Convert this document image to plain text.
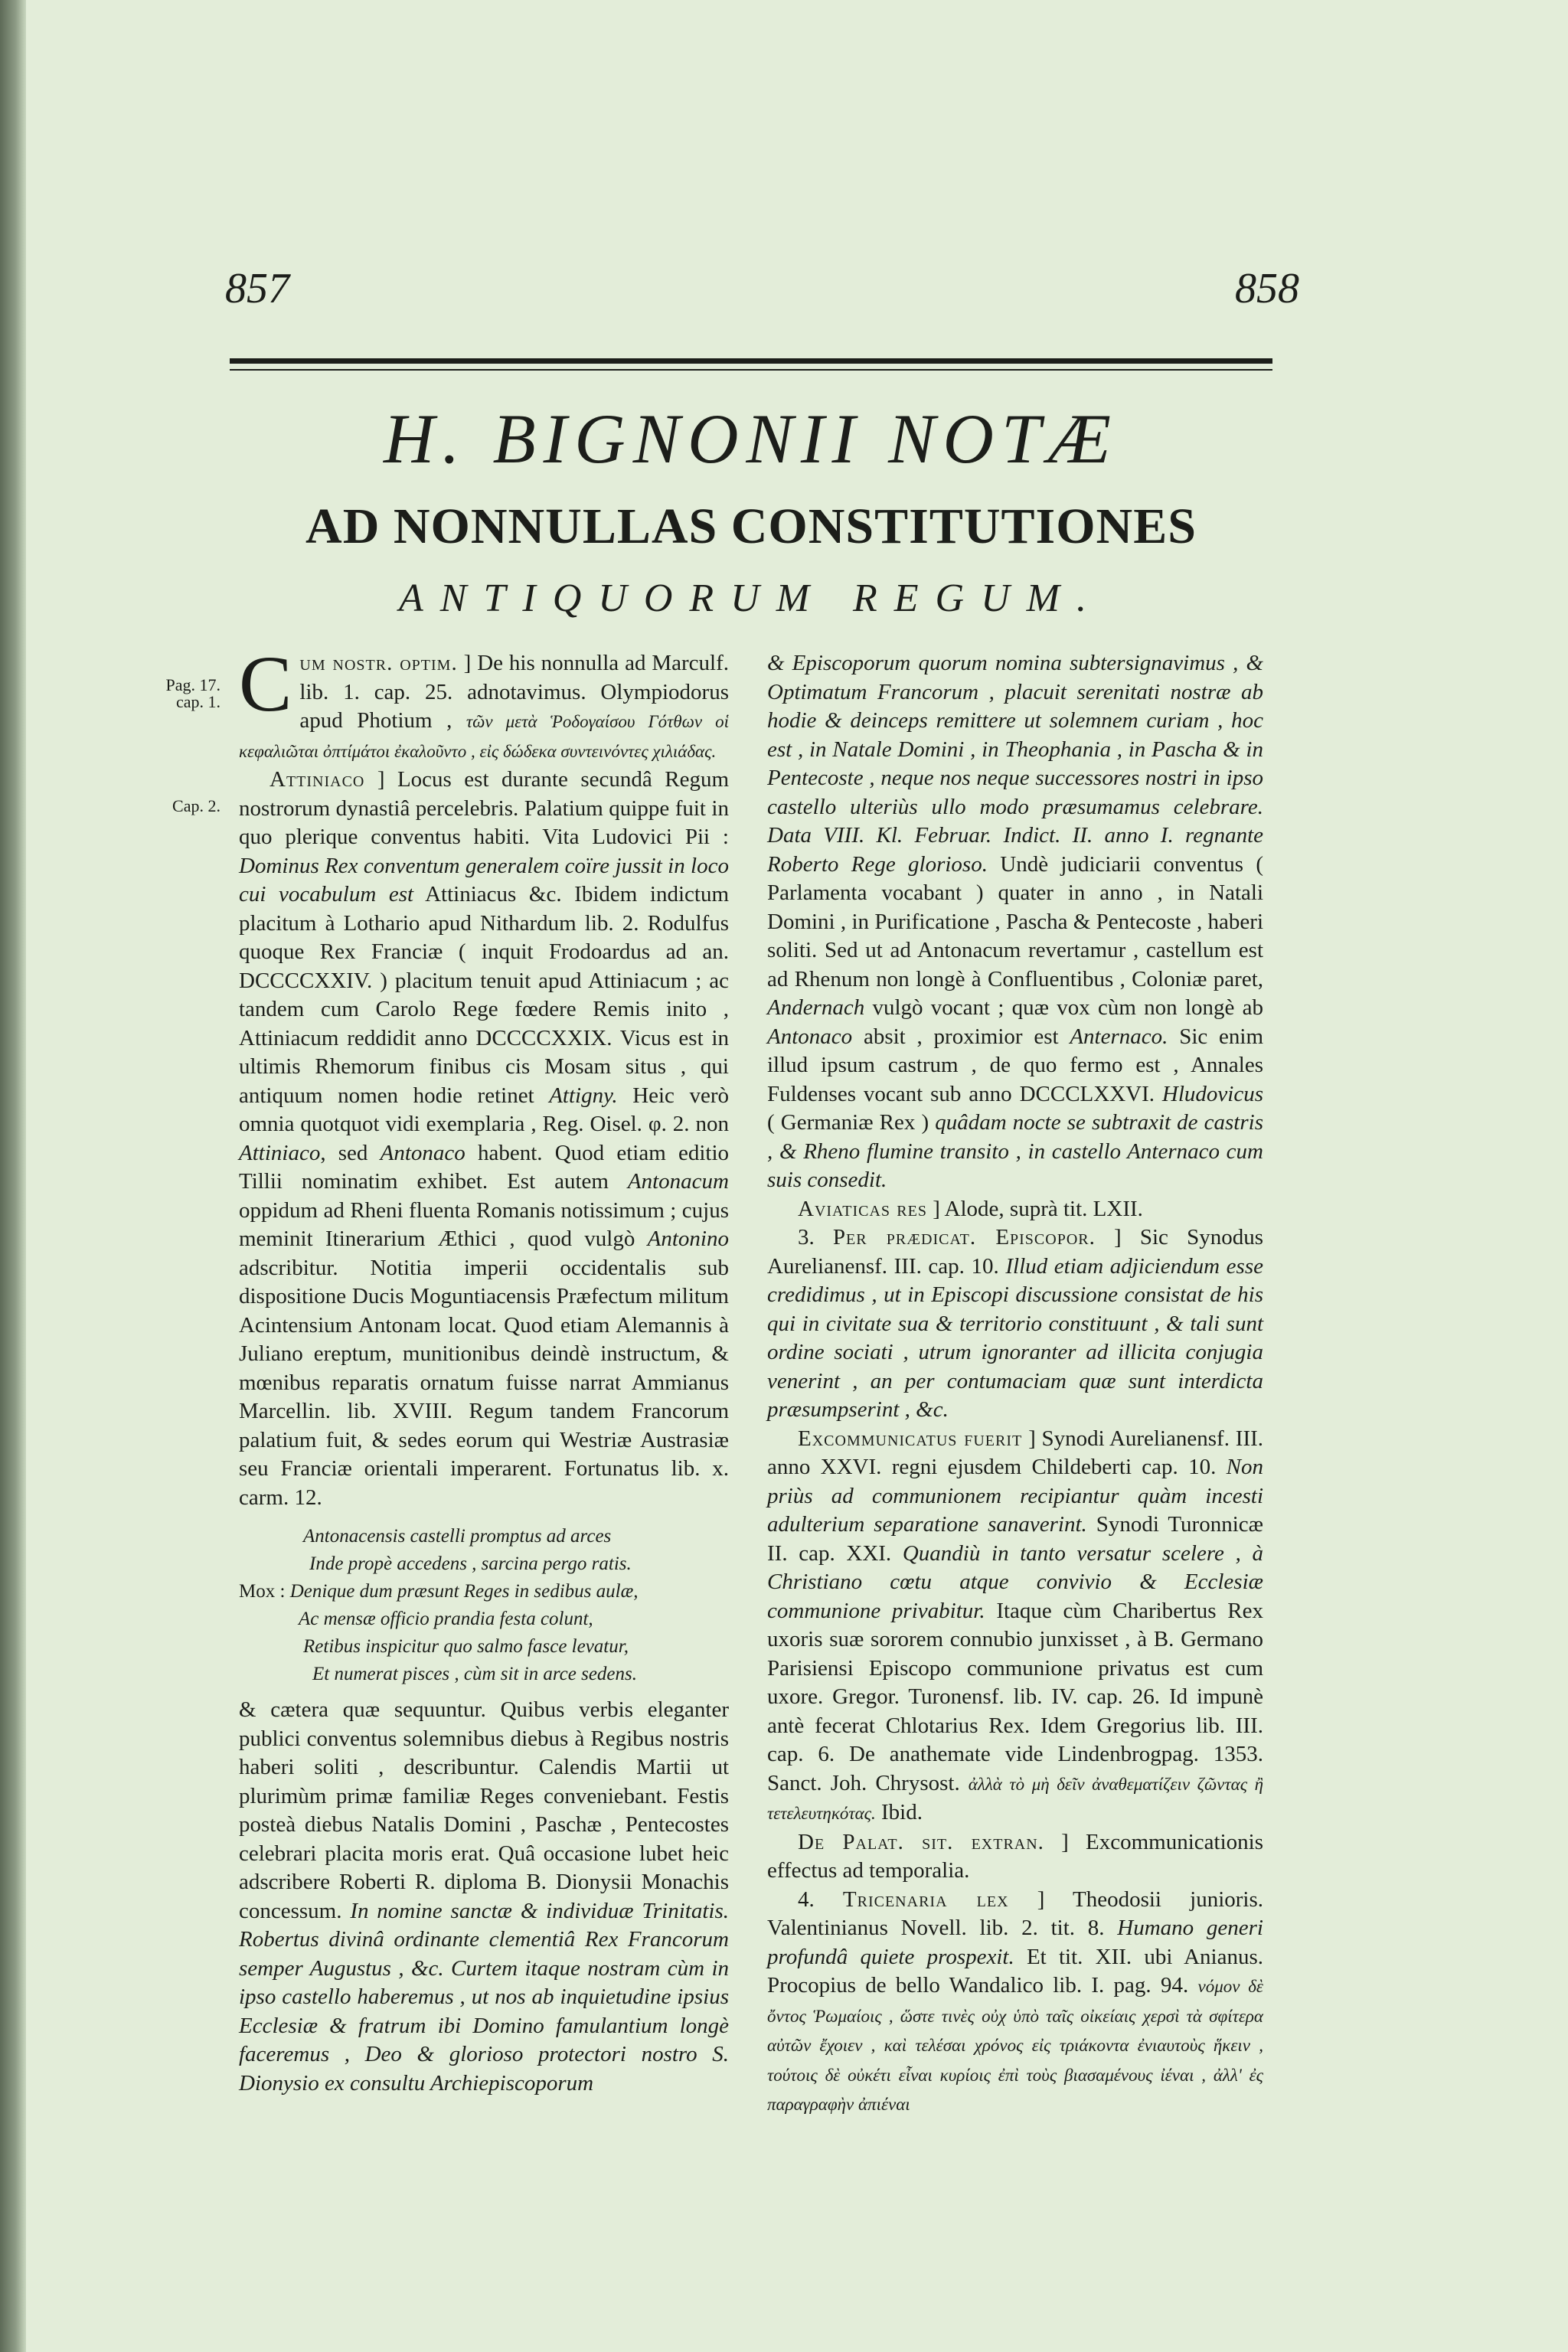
857	858
H. BIGNONII NOTÆ
AD NONNULLAS CONSTITUTIONES
ANTIQUORUM REGUM.
Pag. 17. cap. 1.
Cap. 2.

Cum nostr. optim. ] De his nonnulla ad Marculf. lib. 1. cap. 25. adnotavimus. Olympiodorus apud Photium , τῶν μετὰ Ῥοδογαίσου Γότθων οἱ κεφαλιῶται ὀπτίμάτοι ἐκαλοῦντο , εἰς δώδεκα συντεινόντες χιλιάδας.

Attiniaco ] Locus est durante secundâ Regum nostrorum dynastiâ percelebris. Palatium quippe fuit in quo plerique conventus habiti. Vita Ludovici Pii : Dominus Rex conventum generalem coïre jussit in loco cui vocabulum est Attiniacus &c. Ibidem indictum placitum à Lothario apud Nithardum lib. 2. Rodulfus quoque Rex Franciæ ( inquit Frodoardus ad an. DCCCCXXIV. ) placitum tenuit apud Attiniacum ; ac tandem cum Carolo Rege fœdere Remis inito , Attiniacum reddidit anno DCCCCXXIX. Vicus est in ultimis Rhemorum finibus cis Mosam situs , qui antiquum nomen hodie retinet Attigny. Heic verò omnia quotquot vidi exemplaria , Reg. Oisel. φ. 2. non Attiniaco, sed Antonaco habent. Quod etiam editio Tillii nominatim exhibet. Est autem Antonacum oppidum ad Rheni fluenta Romanis notissimum ; cujus meminit Itinerarium Æthici , quod vulgò Antonino adscribitur. Notitia imperii occidentalis sub dispositione Ducis Moguntiacensis Præfectum militum Acintensium Antonam locat. Quod etiam Alemannis à Juliano ereptum, munitionibus deindè instructum, & mœnibus reparatis ornatum fuisse narrat Ammianus Marcellin. lib. XVIII. Regum tandem Francorum palatium fuit, & sedes eorum qui Westriæ Austrasiæ seu Franciæ orientali imperarent. Fortunatus lib. x. carm. 12.

Antonacensis castelli promptus ad arces
Inde propè accedens , sarcina pergo ratis.
Mox : Denique dum præsunt Reges in sedibus aulæ,
Ac mensæ officio prandia festa colunt,
Retibus inspicitur quo salmo fasce levatur,
Et numerat pisces , cùm sit in arce sedens.

& cætera quæ sequuntur. Quibus verbis eleganter publici conventus solemnibus diebus à Regibus nostris haberi soliti , describuntur. Calendis Martii ut plurimùm primæ familiæ Reges conveniebant. Festis posteà diebus Natalis Domini , Paschæ , Pentecostes celebrari placita moris erat. Quâ occasione lubet heic adscribere Roberti R. diploma B. Dionysii Monachis concessum. In nomine sanctæ & individuæ Trinitatis. Robertus divinâ ordinante clementiâ Rex Francorum semper Augustus , &c. Curtem itaque nostram cùm in ipso castello haberemus , ut nos ab inquietudine ipsius Ecclesiæ & fratrum ibi Domino famulantium longè faceremus , Deo & glorioso protectori nostro S. Dionysio ex consultu Archiepiscoporum

& Episcoporum quorum nomina subtersignavimus , & Optimatum Francorum , placuit serenitati nostræ ab hodie & deinceps remittere ut solemnem curiam , hoc est , in Natale Domini , in Theophania , in Pascha & in Pentecoste , neque nos neque successores nostri in ipso castello ulteriùs ullo modo præsumamus celebrare. Data VIII. Kl. Februar. Indict. II. anno I. regnante Roberto Rege glorioso. Undè judiciarii conventus ( Parlamenta vocabant ) quater in anno , in Natali Domini , in Purificatione , Pascha & Pentecoste , haberi soliti. Sed ut ad Antonacum revertamur , castellum est ad Rhenum non longè à Confluentibus , Coloniæ paret, Andernach vulgò vocant ; quæ vox cùm non longè ab Antonaco absit , proximior est Anternaco. Sic enim illud ipsum castrum , de quo fermo est , Annales Fuldenses vocant sub anno DCCCLXXVI. Hludovicus ( Germaniæ Rex ) quâdam nocte se subtraxit de castris , & Rheno flumine transito , in castello Anternaco cum suis consedit.

Aviaticas res ] Alode, suprà tit. LXII.

3. Per prædicat. Episcopor. ] Sic Synodus Aurelianensf. III. cap. 10. Illud etiam adjiciendum esse credidimus , ut in Episcopi discussione consistat de his qui in civitate sua & territorio constituunt , & tali sunt ordine sociati , utrum ignoranter ad illicita conjugia venerint , an per contumaciam quæ sunt interdicta præsumpserint , &c.

Excommunicatus fuerit ] Synodi Aurelianensf. III. anno XXVI. regni ejusdem Childeberti cap. 10. Non priùs ad communionem recipiantur quàm incesti adulterium separatione sanaverint. Synodi Turonnicæ II. cap. XXI. Quandiù in tanto versatur scelere , à Christiano cœtu atque convivio & Ecclesiæ communione privabitur. Itaque cùm Charibertus Rex uxoris suæ sororem connubio junxisset , à B. Germano Parisiensi Episcopo communione privatus est cum uxore. Gregor. Turonensf. lib. IV. cap. 26. Id impunè antè fecerat Chlotarius Rex. Idem Gregorius lib. III. cap. 6. De anathemate vide Lindenbrogpag. 1353. Sanct. Joh. Chrysost. ἀλλὰ τὸ μὴ δεῖν ἀναθεματίζειν ζῶντας ἢ τετελευτηκότας. Ibid.

De Palat. sit. extran. ] Excommunicationis effectus ad temporalia.

4. Tricenaria lex ] Theodosii junioris. Valentinianus Novell. lib. 2. tit. 8. Humano generi profundâ quiete prospexit. Et tit. XII. ubi Anianus. Procopius de bello Wandalico lib. I. pag. 94. νόμον δὲ ὄντος Ῥωμαίοις , ὥστε τινὲς οὐχ ὑπὸ ταῖς οἰκείαις χερσὶ τὰ σφίτερα αὐτῶν ἔχοιεν , καὶ τελέσαι χρόνος εἰς τριάκοντα ἐνιαυτοὺς ἥκειν , τούτοις δὲ οὐκέτι εἶναι κυρίοις ἐπὶ τοὺς βιασαμένους ἰέναι , ἀλλ' ἐς παραγραφὴν ἀπιέναι
